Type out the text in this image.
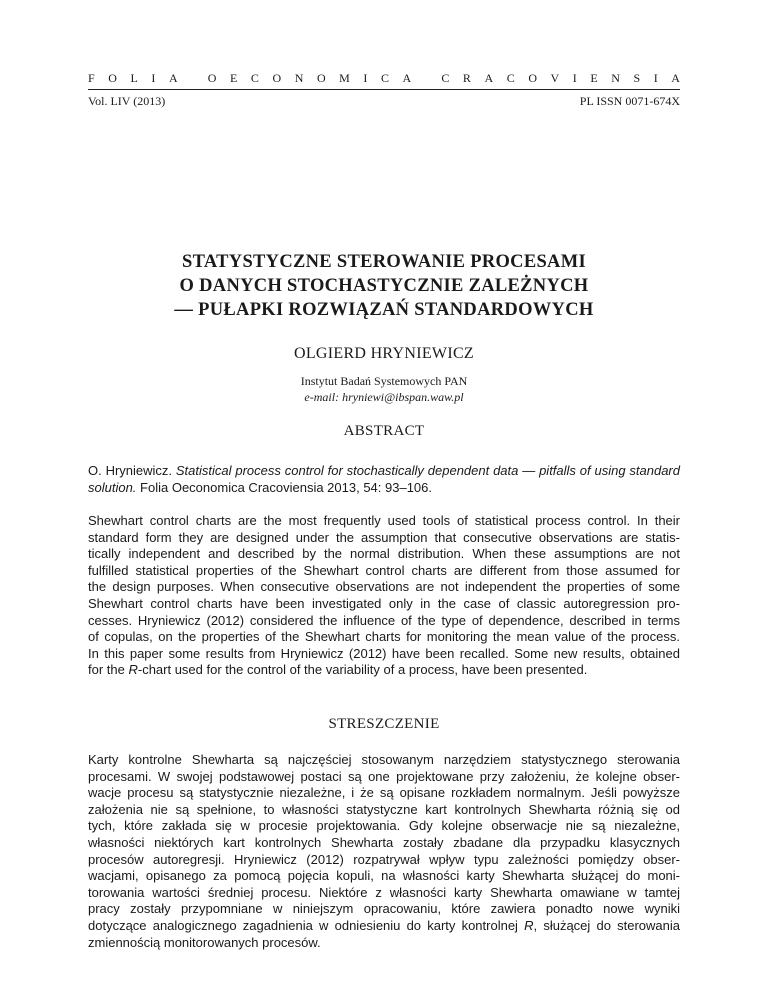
F O L I A
	O E C O N O M I C A
	C R A C O V I E N S I A
Vol. LIV (2013)	PL ISSN 0071-674X
STATYSTYCZNE STEROWANIE PROCESAMI
O DANYCH STOCHASTYCZNIE ZALEŻNYCH
— PUŁAPKI ROZWIĄZAŃ STANDARDOWYCH
OLGIERD HRYNIEWICZ
Instytut Badań Systemowych PAN
e-mail: hryniewi@ibspan.waw.pl
ABSTRACT
O. Hryniewicz. Statistical process control for stochastically dependent data — pitfalls of using standard
solution. Folia Oeconomica Cracoviensia 2013, 54: 93–106.
Shewhart control charts are the most frequently used tools of statistical process control. In their
standard form they are designed under the assumption that consecutive observations are statis-
tically independent and described by the normal distribution. When these assumptions are not
fulfilled statistical properties of the Shewhart control charts are different from those assumed for
the design purposes. When consecutive observations are not independent the properties of some
Shewhart control charts have been investigated only in the case of classic autoregression pro-
cesses. Hryniewicz (2012) considered the influence of the type of dependence, described in terms
of copulas, on the properties of the Shewhart charts for monitoring the mean value of the process.
In this paper some results from Hryniewicz (2012) have been recalled. Some new results, obtained
for the R-chart used for the control of the variability of a process, have been presented.
STRESZCZENIE
Karty kontrolne Shewharta są najczęściej stosowanym narzędziem statystycznego sterowania
procesami. W swojej podstawowej postaci są one projektowane przy założeniu, że kolejne obser-
wacje procesu są statystycznie niezależne, i że są opisane rozkładem normalnym. Jeśli powyższe
założenia nie są spełnione, to własności statystyczne kart kontrolnych Shewharta różnią się od
tych, które zakłada się w procesie projektowania. Gdy kolejne obserwacje nie są niezależne,
własności niektórych kart kontrolnych Shewharta zostały zbadane dla przypadku klasycznych
procesów autoregresji. Hryniewicz (2012) rozpatrywał wpływ typu zależności pomiędzy obser-
wacjami, opisanego za pomocą pojęcia kopuli, na własności karty Shewharta służącej do moni-
torowania wartości średniej procesu. Niektóre z własności karty Shewharta omawiane w tamtej
pracy zostały przypomniane w niniejszym opracowaniu, które zawiera ponadto nowe wyniki
dotyczące analogicznego zagadnienia w odniesieniu do karty kontrolnej R, służącej do sterowania
zmiennością monitorowanych procesów.
